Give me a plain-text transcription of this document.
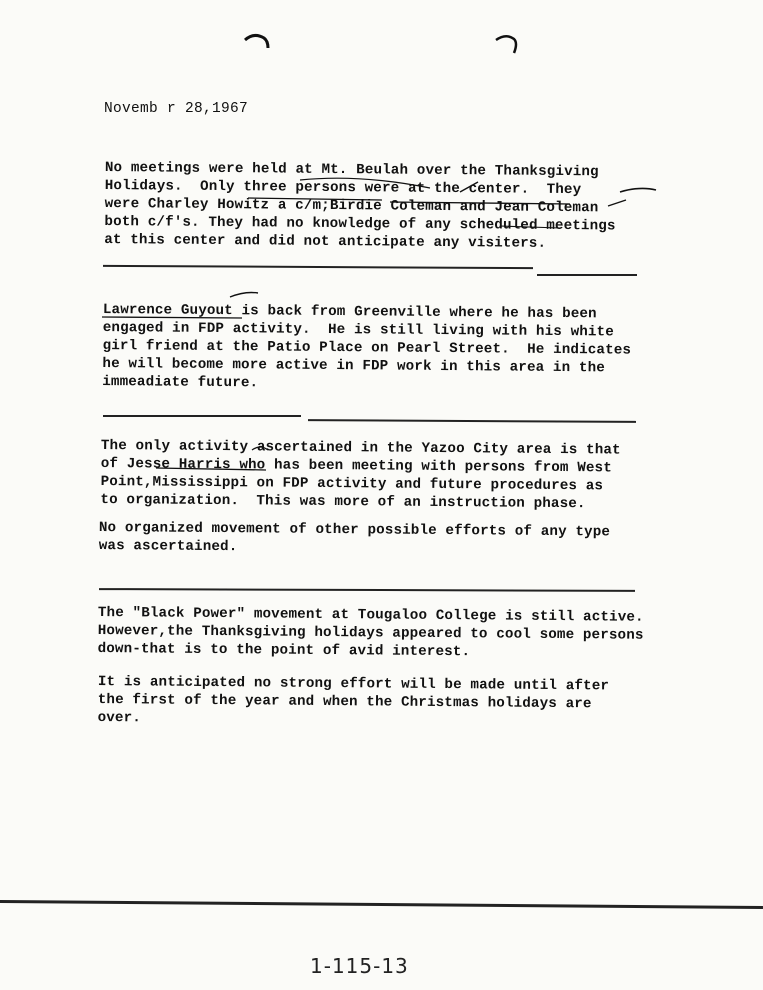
Novemb r 28,1967
No meetings were held at Mt. Beulah over the Thanksgiving
Holidays.  Only three persons were at the center.  They
were Charley Howitz a c/m;Birdie Coleman and Jean Coleman
both c/f's. They had no knowledge of any scheduled meetings
at this center and did not anticipate any visiters.
Lawrence Guyout is back from Greenville where he has been
engaged in FDP activity.  He is still living with his white
girl friend at the Patio Place on Pearl Street.  He indicates
he will become more active in FDP work in this area in the
immeadiate future.
The only activity ascertained in the Yazoo City area is that
of Jesse Harris who has been meeting with persons from West
Point,Mississippi on FDP activity and future procedures as
to organization.  This was more of an instruction phase.
No organized movement of other possible efforts of any type
was ascertained.
The "Black Power" movement at Tougaloo College is still active.
However,the Thanksgiving holidays appeared to cool some persons
down-that is to the point of avid interest.
It is anticipated no strong effort will be made until after
the first of the year and when the Christmas holidays are
over.
1-115-13
